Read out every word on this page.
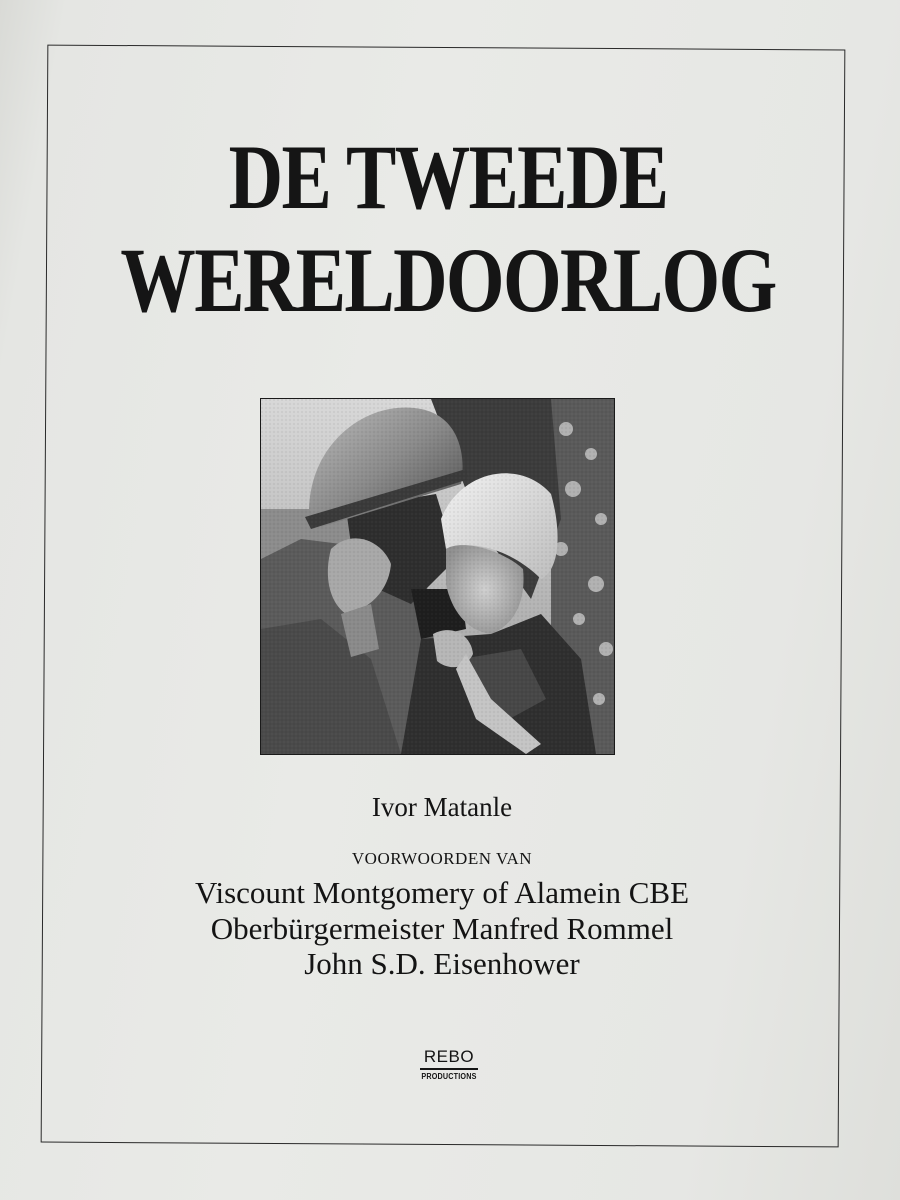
DE TWEEDE
WERELDOORLOG
Ivor Matanle
VOORWOORDEN VAN
Viscount Montgomery of Alamein CBE
Oberbürgermeister Manfred Rommel
John S.D. Eisenhower
REBO
PRODUCTIONS
